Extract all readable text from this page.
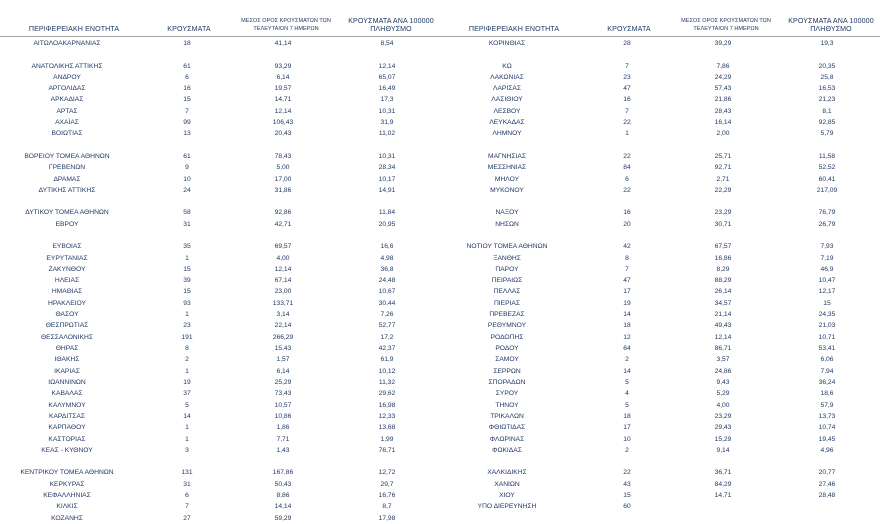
ΠΕΡΙΦΕΡΕΙΑΚΗ ΕΝΟΤΗΤΑ	ΚΡΟΥΣΜΑΤΑ	ΜΕΣΟΣ ΟΡΟΣ ΚΡΟΥΣΜΑΤΩΝ ΤΩΝ
ΤΕΛΕΥΤΑΙΩΝ 7 ΗΜΕΡΩΝ	ΚΡΟΥΣΜΑΤΑ ΑΝΑ 100000
ΠΛΗΘΥΣΜΟ

ΑΙΤΩΛΟΑΚΑΡΝΑΝΙΑΣ	18	41,14	8,54

ΑΝΑΤΟΛΙΚΗΣ ΑΤΤΙΚΗΣ	61	93,29	12,14
ΑΝΔΡΟΥ	6	6,14	65,07
ΑΡΓΟΛΙΔΑΣ	16	19,57	16,49
ΑΡΚΑΔΙΑΣ	15	14,71	17,3
ΑΡΤΑΣ	7	12,14	10,31
ΑΧΑΪΑΣ	99	106,43	31,9
ΒΟΙΩΤΙΑΣ	13	20,43	11,02

ΒΟΡΕΙΟΥ ΤΟΜΕΑ ΑΘΗΝΩΝ	61	78,43	10,31
ΓΡΕΒΕΝΩΝ	9	5,00	28,34
ΔΡΑΜΑΣ	10	17,00	10,17
ΔΥΤΙΚΗΣ ΑΤΤΙΚΗΣ	24	31,86	14,91

ΔΥΤΙΚΟΥ ΤΟΜΕΑ ΑΘΗΝΩΝ	58	92,86	11,84
ΕΒΡΟΥ	31	42,71	20,95

ΕΥΒΟΙΑΣ	35	69,57	16,6
ΕΥΡΥΤΑΝΙΑΣ	1	4,00	4,98
ΖΑΚΥΝΘΟΥ	15	12,14	36,8
ΗΛΕΙΑΣ	39	67,14	24,48
ΗΜΑΘΙΑΣ	15	23,00	10,67
ΗΡΑΚΛΕΙΟΥ	93	133,71	30,44
ΘΑΣΟΥ	1	3,14	7,26
ΘΕΣΠΡΩΤΙΑΣ	23	22,14	52,77
ΘΕΣΣΑΛΟΝΙΚΗΣ	191	266,29	17,2
ΘΗΡΑΣ	8	15,43	42,37
ΙΘΑΚΗΣ	2	1,57	61,9
ΙΚΑΡΙΑΣ	1	6,14	10,12
ΙΩΑΝΝΙΝΩΝ	19	25,29	11,32
ΚΑΒΑΛΑΣ	37	73,43	29,62
ΚΑΛΥΜΝΟΥ	5	10,57	16,98
ΚΑΡΔΙΤΣΑΣ	14	10,86	12,33
ΚΑΡΠΑΘΟΥ	1	1,86	13,68
ΚΑΣΤΟΡΙΑΣ	1	7,71	1,99
ΚΕΑΣ - ΚΥΘΝΟΥ	3	1,43	76,71

ΚΕΝΤΡΙΚΟΥ ΤΟΜΕΑ ΑΘΗΝΩΝ	131	167,86	12,72
ΚΕΡΚΥΡΑΣ	31	50,43	29,7
ΚΕΦΑΛΛΗΝΙΑΣ	6	8,86	16,76
ΚΙΛΚΙΣ	7	14,14	8,7
ΚΟΖΑΝΗΣ	27	59,29	17,98
ΠΕΡΙΦΕΡΕΙΑΚΗ ΕΝΟΤΗΤΑ	ΚΡΟΥΣΜΑΤΑ	ΜΕΣΟΣ ΟΡΟΣ ΚΡΟΥΣΜΑΤΩΝ ΤΩΝ
ΤΕΛΕΥΤΑΙΩΝ 7 ΗΜΕΡΩΝ	ΚΡΟΥΣΜΑΤΑ ΑΝΑ 100000
ΠΛΗΘΥΣΜΟ

ΚΟΡΙΝΘΙΑΣ	28	39,29	19,3

ΚΩ	7	7,86	20,35
ΛΑΚΩΝΙΑΣ	23	24,29	25,8
ΛΑΡΙΣΑΣ	47	57,43	16,53
ΛΑΣΙΘΙΟΥ	16	21,86	21,23
ΛΕΣΒΟΥ	7	28,43	8,1
ΛΕΥΚΑΔΑΣ	22	16,14	92,85
ΛΗΜΝΟΥ	1	2,00	5,79

ΜΑΓΝΗΣΙΑΣ	22	25,71	11,58
ΜΕΣΣΗΝΙΑΣ	84	92,71	52,52
ΜΗΛΟΥ	6	2,71	60,41
ΜΥΚΟΝΟΥ	22	22,29	217,09

ΝΑΞΟΥ	16	23,29	76,79
ΝΗΣΩΝ	20	30,71	26,79

ΝΟΤΙΟΥ ΤΟΜΕΑ ΑΘΗΝΩΝ	42	67,57	7,93
ΞΑΝΘΗΣ	8	16,86	7,19
ΠΑΡΟΥ	7	8,29	46,9
ΠΕΙΡΑΙΩΣ	47	88,29	10,47
ΠΕΛΛΑΣ	17	26,14	12,17
ΠΙΕΡΙΑΣ	19	34,57	15
ΠΡΕΒΕΖΑΣ	14	21,14	24,35
ΡΕΘΥΜΝΟΥ	18	49,43	21,03
ΡΟΔΟΠΗΣ	12	12,14	10,71
ΡΟΔΟΥ	64	86,71	53,41
ΣΑΜΟΥ	2	3,57	6,06
ΣΕΡΡΩΝ	14	24,86	7,94
ΣΠΟΡΑΔΩΝ	5	9,43	36,24
ΣΥΡΟΥ	4	5,29	18,6
ΤΗΝΟΥ	5	4,00	57,9
ΤΡΙΚΑΛΩΝ	18	23,29	13,73
ΦΘΙΩΤΙΔΑΣ	17	29,43	10,74
ΦΛΩΡΙΝΑΣ	10	15,29	19,45
ΦΩΚΙΔΑΣ	2	9,14	4,96

ΧΑΛΚΙΔΙΚΗΣ	22	36,71	20,77
ΧΑΝΙΩΝ	43	84,29	27,46
ΧΙΟΥ	15	14,71	28,48
ΥΠΟ ΔΙΕΡΕΥΝΗΣΗ	60		
